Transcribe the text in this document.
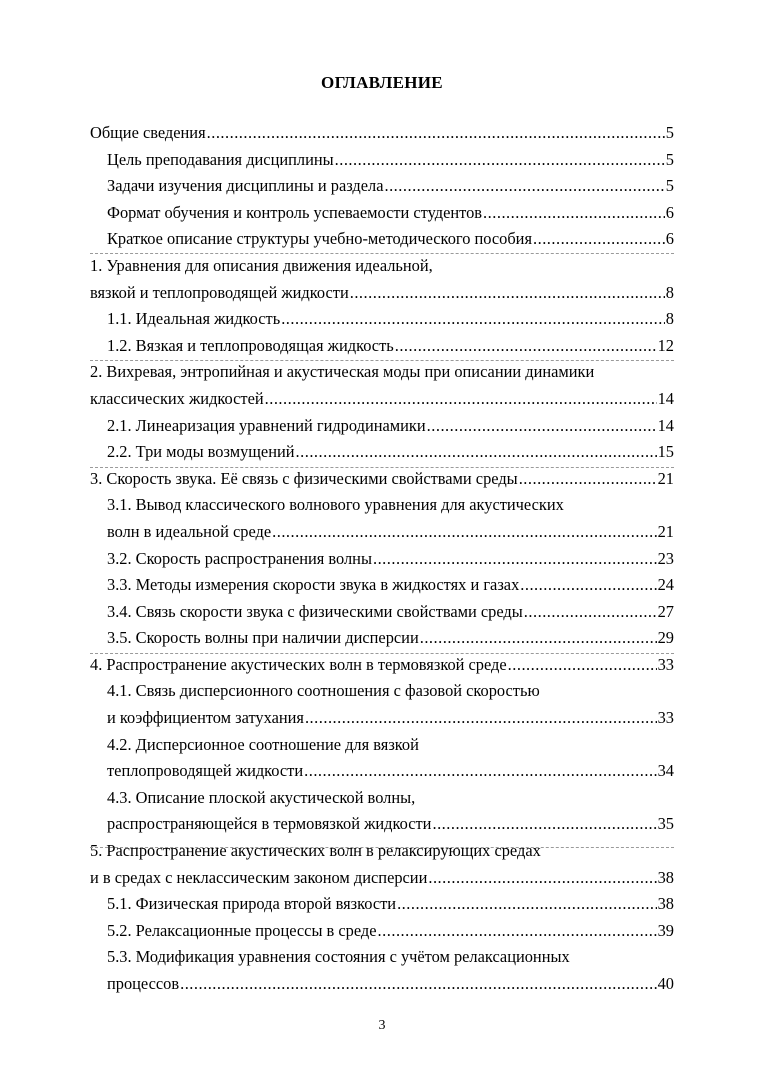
ОГЛАВЛЕНИЕ
Общие сведения .....	5
Цель преподавания дисциплины .....	5
Задачи изучения дисциплины и раздела .....	5
Формат обучения и контроль успеваемости студентов .....	6
Краткое описание структуры учебно-методического пособия .....	6
1. Уравнения для описания движения идеальной,
вязкой и теплопроводящей жидкости .....	8
1.1. Идеальная жидкость .....	8
1.2. Вязкая и теплопроводящая жидкость .....	12
2. Вихревая, энтропийная и акустическая моды при описании динамики
классических жидкостей .....	14
2.1. Линеаризация уравнений гидродинамики .....	14
2.2. Три моды возмущений .....	15
3. Скорость звука. Её связь с физическими свойствами среды .....	21
3.1. Вывод классического волнового уравнения для акустических
волн в идеальной среде .....	21
3.2. Скорость распространения волны .....	23
3.3. Методы измерения скорости звука в жидкостях и газах .....	24
3.4. Связь скорости звука с физическими свойствами среды .....	27
3.5. Скорость волны при наличии дисперсии .....	29
4. Распространение акустических волн в термовязкой среде .....	33
4.1. Связь дисперсионного соотношения с фазовой скоростью
и коэффициентом затухания .....	33
4.2. Дисперсионное соотношение для вязкой
теплопроводящей жидкости .....	34
4.3. Описание плоской акустической волны,
распространяющейся в термовязкой жидкости .....	35
5. Распространение акустических волн в релаксирующих средах
и в средах с неклассическим законом дисперсии .....	38
5.1. Физическая природа второй вязкости .....	38
5.2. Релаксационные процессы в среде .....	39
5.3. Модификация уравнения состояния с учётом релаксационных
процессов .....	40
3
